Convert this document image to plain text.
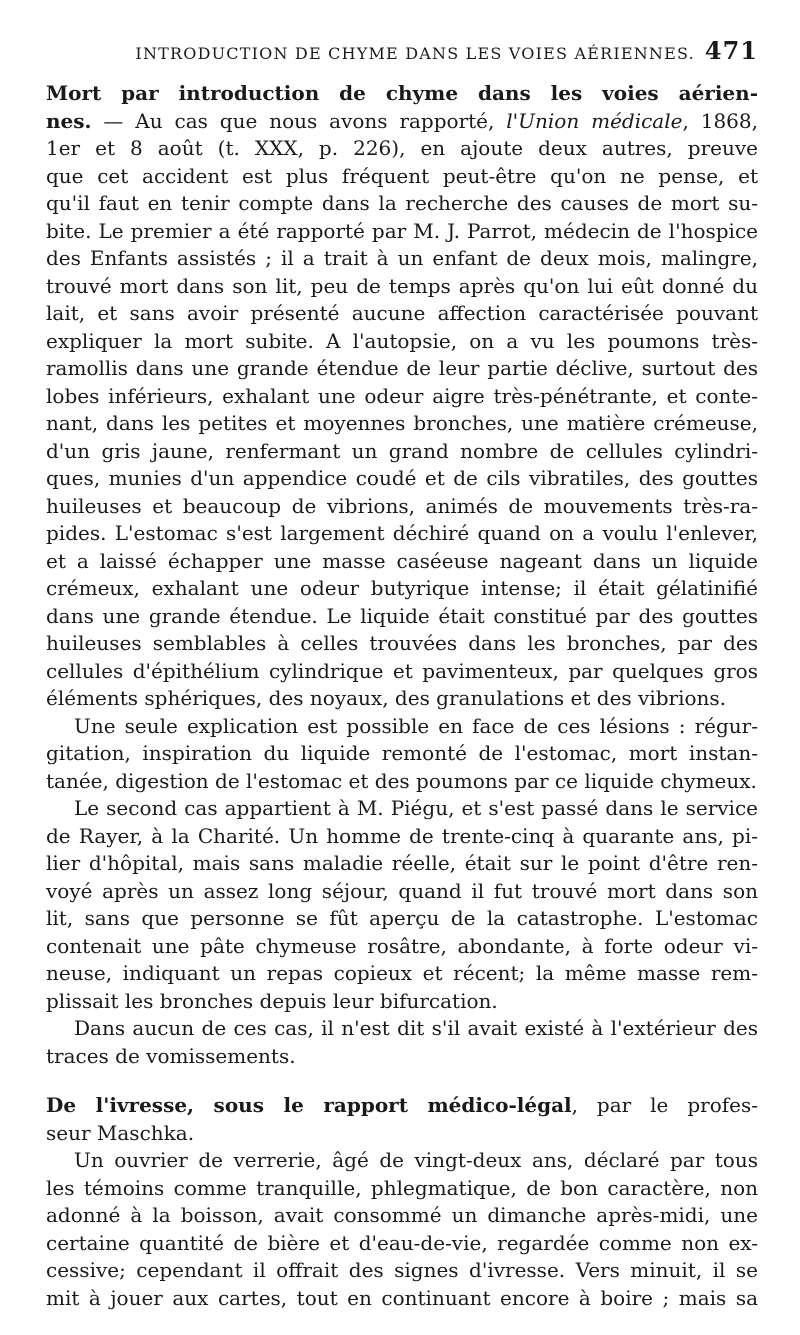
INTRODUCTION DE CHYME DANS LES VOIES AÉRIENNES. 471
Mort par introduction de chyme dans les voies aérien-
nes. — Au cas que nous avons rapporté, l'Union médicale, 1868,
1er et 8 août (t. XXX, p. 226), en ajoute deux autres, preuve
que cet accident est plus fréquent peut-être qu'on ne pense, et
qu'il faut en tenir compte dans la recherche des causes de mort su-
bite. Le premier a été rapporté par M. J. Parrot, médecin de l'hospice
des Enfants assistés ; il a trait à un enfant de deux mois, malingre,
trouvé mort dans son lit, peu de temps après qu'on lui eût donné du
lait, et sans avoir présenté aucune affection caractérisée pouvant
expliquer la mort subite. A l'autopsie, on a vu les poumons très-
ramollis dans une grande étendue de leur partie déclive, surtout des
lobes inférieurs, exhalant une odeur aigre très-pénétrante, et conte-
nant, dans les petites et moyennes bronches, une matière crémeuse,
d'un gris jaune, renfermant un grand nombre de cellules cylindri-
ques, munies d'un appendice coudé et de cils vibratiles, des gouttes
huileuses et beaucoup de vibrions, animés de mouvements très-ra-
pides. L'estomac s'est largement déchiré quand on a voulu l'enlever,
et a laissé échapper une masse caséeuse nageant dans un liquide
crémeux, exhalant une odeur butyrique intense; il était gélatinifié
dans une grande étendue. Le liquide était constitué par des gouttes
huileuses semblables à celles trouvées dans les bronches, par des
cellules d'épithélium cylindrique et pavimenteux, par quelques gros
éléments sphériques, des noyaux, des granulations et des vibrions.
Une seule explication est possible en face de ces lésions : régur-
gitation, inspiration du liquide remonté de l'estomac, mort instan-
tanée, digestion de l'estomac et des poumons par ce liquide chymeux.
Le second cas appartient à M. Piégu, et s'est passé dans le service
de Rayer, à la Charité. Un homme de trente-cinq à quarante ans, pi-
lier d'hôpital, mais sans maladie réelle, était sur le point d'être ren-
voyé après un assez long séjour, quand il fut trouvé mort dans son
lit, sans que personne se fût aperçu de la catastrophe. L'estomac
contenait une pâte chymeuse rosâtre, abondante, à forte odeur vi-
neuse, indiquant un repas copieux et récent; la même masse rem-
plissait les bronches depuis leur bifurcation.
Dans aucun de ces cas, il n'est dit s'il avait existé à l'extérieur des
traces de vomissements.
De l'ivresse, sous le rapport médico-légal, par le profes-
seur Maschka.
Un ouvrier de verrerie, âgé de vingt-deux ans, déclaré par tous
les témoins comme tranquille, phlegmatique, de bon caractère, non
adonné à la boisson, avait consommé un dimanche après-midi, une
certaine quantité de bière et d'eau-de-vie, regardée comme non ex-
cessive; cependant il offrait des signes d'ivresse. Vers minuit, il se
mit à jouer aux cartes, tout en continuant encore à boire ; mais sa
